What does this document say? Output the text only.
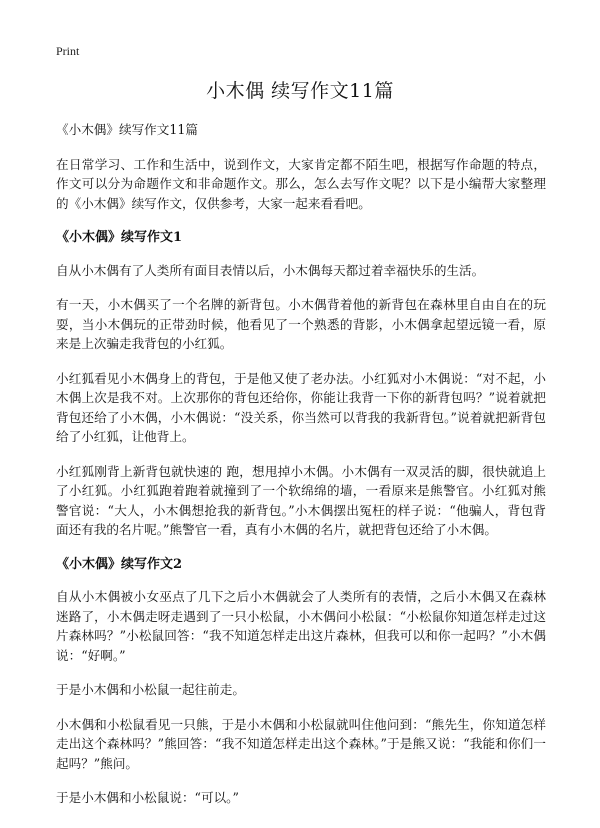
Print
小木偶 续写作文11篇

《小木偶》续写作文11篇

在日常学习、工作和生活中，说到作文，大家肯定都不陌生吧，根据写作命题的特点，作文可以分为命题作文和非命题作文。那么，怎么去写作文呢？以下是小编帮大家整理的《小木偶》续写作文，仅供参考，大家一起来看看吧。

《小木偶》续写作文1

自从小木偶有了人类所有面目表情以后，小木偶每天都过着幸福快乐的生活。

有一天，小木偶买了一个名牌的新背包。小木偶背着他的新背包在森林里自由自在的玩耍，当小木偶玩的正带劲时候，他看见了一个熟悉的背影，小木偶拿起望远镜一看，原来是上次骗走我背包的小红狐。

小红狐看见小木偶身上的背包，于是他又使了老办法。小红狐对小木偶说：“对不起，小木偶上次是我不对。上次那你的背包还给你，你能让我背一下你的新背包吗？”说着就把背包还给了小木偶，小木偶说：“没关系，你当然可以背我的我新背包。”说着就把新背包给了小红狐，让他背上。

小红狐刚背上新背包就快速的 跑，想甩掉小木偶。小木偶有一双灵活的脚，很快就追上了小红狐。小红狐跑着跑着就撞到了一个软绵绵的墙，一看原来是熊警官。小红狐对熊警官说：“大人，小木偶想抢我的新背包。”小木偶摆出冤枉的样子说：“他骗人，背包背面还有我的名片呢。”熊警官一看，真有小木偶的名片，就把背包还给了小木偶。

《小木偶》续写作文2

自从小木偶被小女巫点了几下之后小木偶就会了人类所有的表情，之后小木偶又在森林迷路了，小木偶走呀走遇到了一只小松鼠，小木偶问小松鼠：“小松鼠你知道怎样走过这片森林吗？”小松鼠回答：“我不知道怎样走出这片森林，但我可以和你一起吗？”小木偶说：“好啊。”

于是小木偶和小松鼠一起往前走。

小木偶和小松鼠看见一只熊，于是小木偶和小松鼠就叫住他问到：“熊先生，你知道怎样走出这个森林吗？”熊回答：“我不知道怎样走出这个森林。”于是熊又说：“我能和你们一起吗？”熊问。

于是小木偶和小松鼠说：“可以。”
